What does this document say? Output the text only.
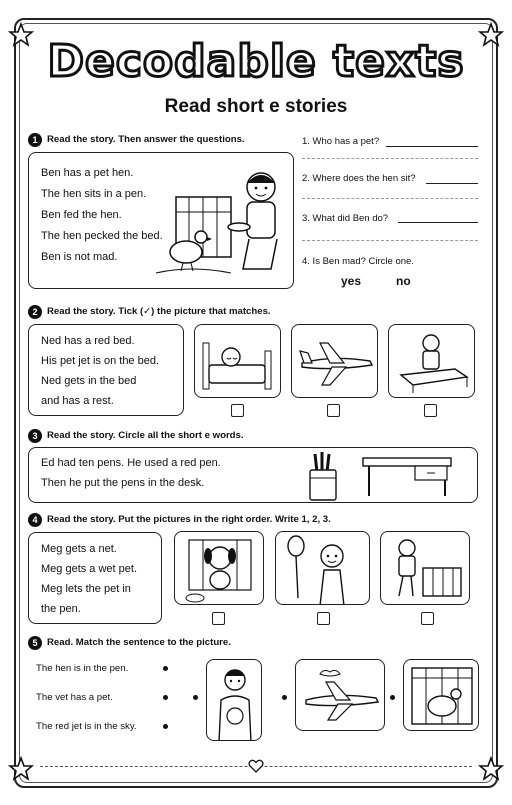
Decodable texts
Read short e stories
1 Read the story. Then answer the questions.
Ben has a pet hen.
The hen sits in a pen.
Ben fed the hen.
The hen pecked the bed.
Ben is not mad.
1. Who has a pet?
2. Where does the hen sit?
3. What did Ben do?
4. Is Ben mad? Circle one.
yes	no
2 Read the story. Tick (✓) the picture that matches.
Ned has a red bed.
His pet jet is on the bed.
Ned gets in the bed
and has a rest.
3 Read the story. Circle all the short e words.
Ed had ten pens. He used a red pen.
Then he put the pens in the desk.
4 Read the story. Put the pictures in the right order. Write 1, 2, 3.
Meg gets a net.
Meg gets a wet pet.
Meg lets the pet in
the pen.
5 Read. Match the sentence to the picture.
The hen is in the pen.
The vet has a pet.
The red jet is in the sky.
